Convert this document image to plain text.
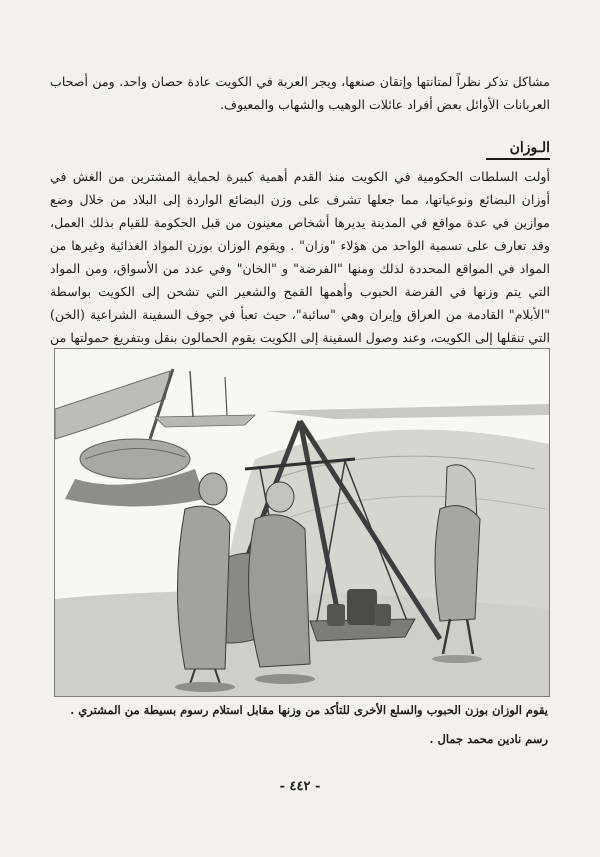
مشاكل تذكر نظراً لمتانتها وإتقان صنعها، ويجر العربة في الكويت عادة حصان واحد. ومن أصحاب العربانات الأوائل بعض أفراد عائلات الوهيب والشهاب والمعيوف.

الـوزان

أولت السلطات الحكومية في الكويت منذ القدم أهمية كبيرة لحماية المشترين من الغش في أوزان البضائع ونوعياتها، مما جعلها تشرف على وزن البضائع الواردة إلى البلاد من خلال وضع موازين في عدة مواقع في المدينة يديرها أشخاص معينون من قبل الحكومة للقيام بذلك العمل، وقد تعارف على تسمية الواحد من هؤلاء "وزان" . ويقوم الوزان بوزن المواد الغذائية وغيرها من المواد في المواقع المحددة لذلك ومنها "الفرضة" و "الخان" وفي عدد من الأسواق، ومن المواد التي يتم وزنها في الفرضة الحبوب وأهمها القمح والشعير التي تشحن إلى الكويت بواسطة "الأبلام" القادمة من العراق وإيران وهي "سائبة"، حيث تعبأ في جوف السفينة الشراعية (الخن) التي تنقلها إلى الكويت، وعند وصول السفينة إلى الكويت يقوم الحمالون بنقل وبتفريغ حمولتها من

يقوم الوزان بوزن الحبوب والسلع الأخرى للتأكد من وزنها مقابل استلام رسوم بسيطة من المشتري .

رسم نادين محمد جمال .

- ٤٤٢ -
